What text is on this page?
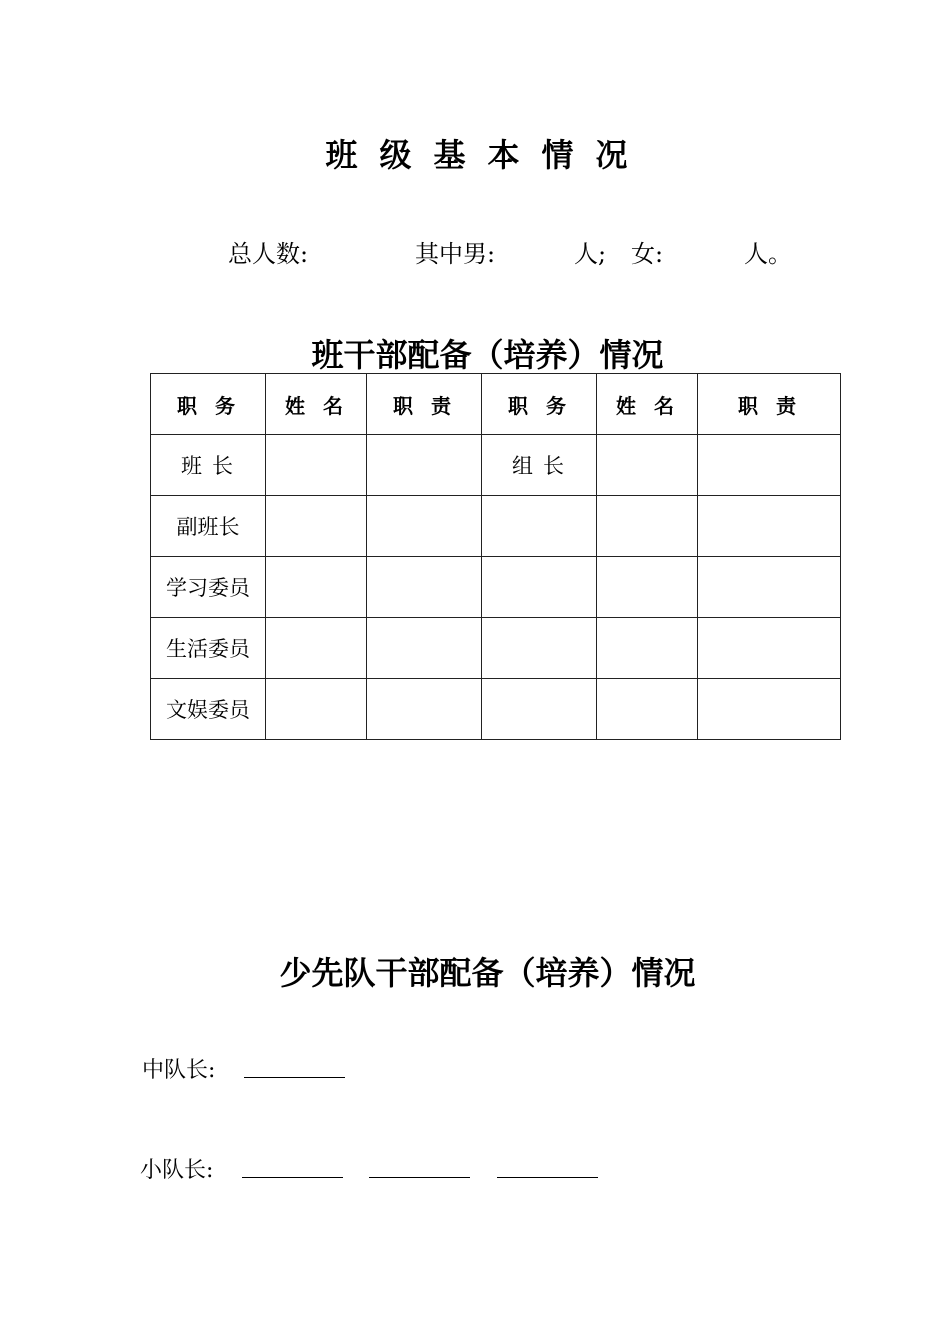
班级基本情况

总人数:

	其中男:

	人;

女:

	人。

班干部配备（培养）情况
职务	姓名	职责	职务	姓名	职责
班长			组长		
副班长					
学习委员					
生活委员					
文娱委员					
少先队干部配备（培养）情况
中队长:
小队长:
